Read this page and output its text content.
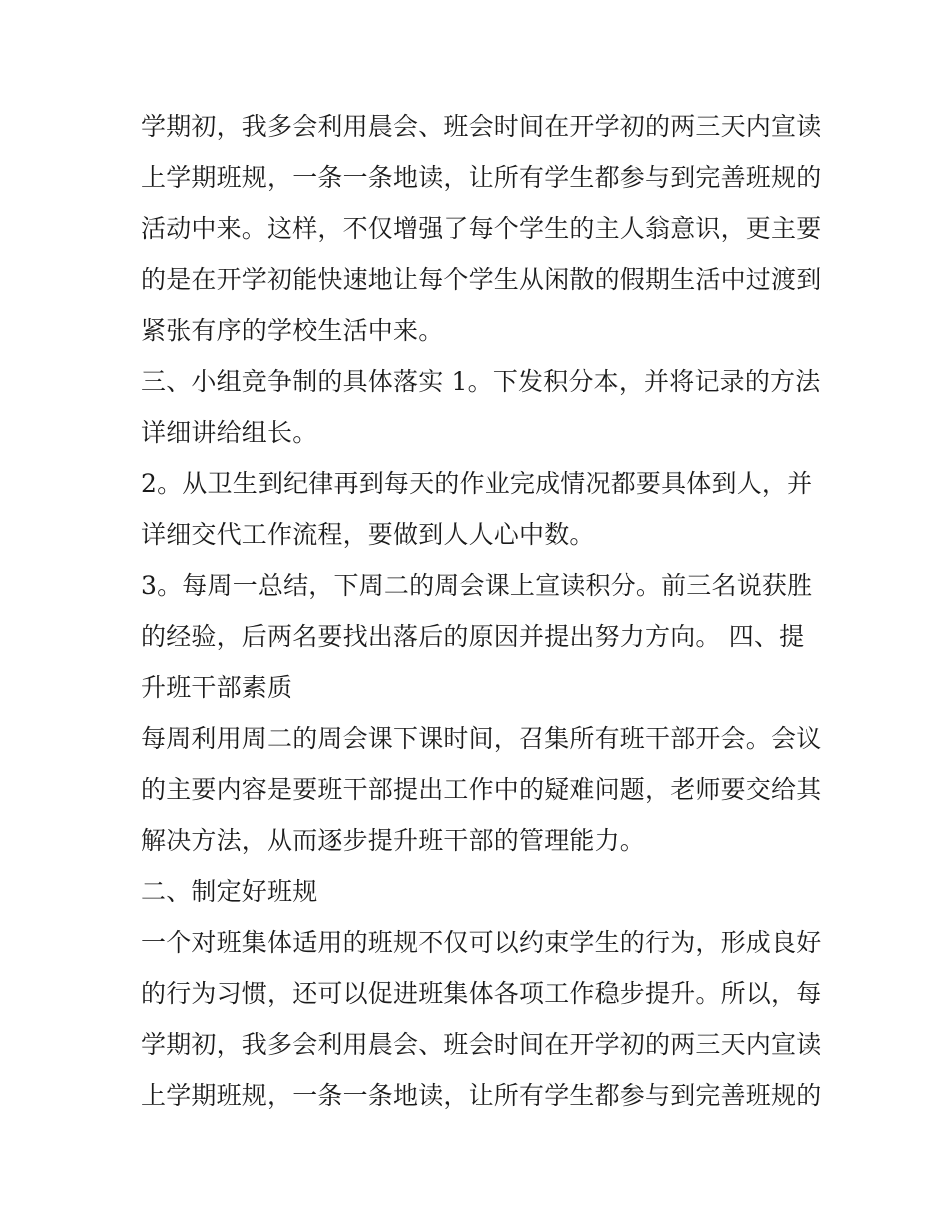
学期初，我多会利用晨会、班会时间在开学初的两三天内宣读
上学期班规，一条一条地读，让所有学生都参与到完善班规的
活动中来。这样，不仅增强了每个学生的主人翁意识，更主要
的是在开学初能快速地让每个学生从闲散的假期生活中过渡到
紧张有序的学校生活中来。
三、小组竞争制的具体落实 1。下发积分本，并将记录的方法
详细讲给组长。
2。从卫生到纪律再到每天的作业完成情况都要具体到人，并
详细交代工作流程，要做到人人心中数。
3。每周一总结，下周二的周会课上宣读积分。前三名说获胜
的经验，后两名要找出落后的原因并提出努力方向。 四、提
升班干部素质
每周利用周二的周会课下课时间，召集所有班干部开会。会议
的主要内容是要班干部提出工作中的疑难问题，老师要交给其
解决方法，从而逐步提升班干部的管理能力。
二、制定好班规
一个对班集体适用的班规不仅可以约束学生的行为，形成良好
的行为习惯，还可以促进班集体各项工作稳步提升。所以，每
学期初，我多会利用晨会、班会时间在开学初的两三天内宣读
上学期班规，一条一条地读，让所有学生都参与到完善班规的
